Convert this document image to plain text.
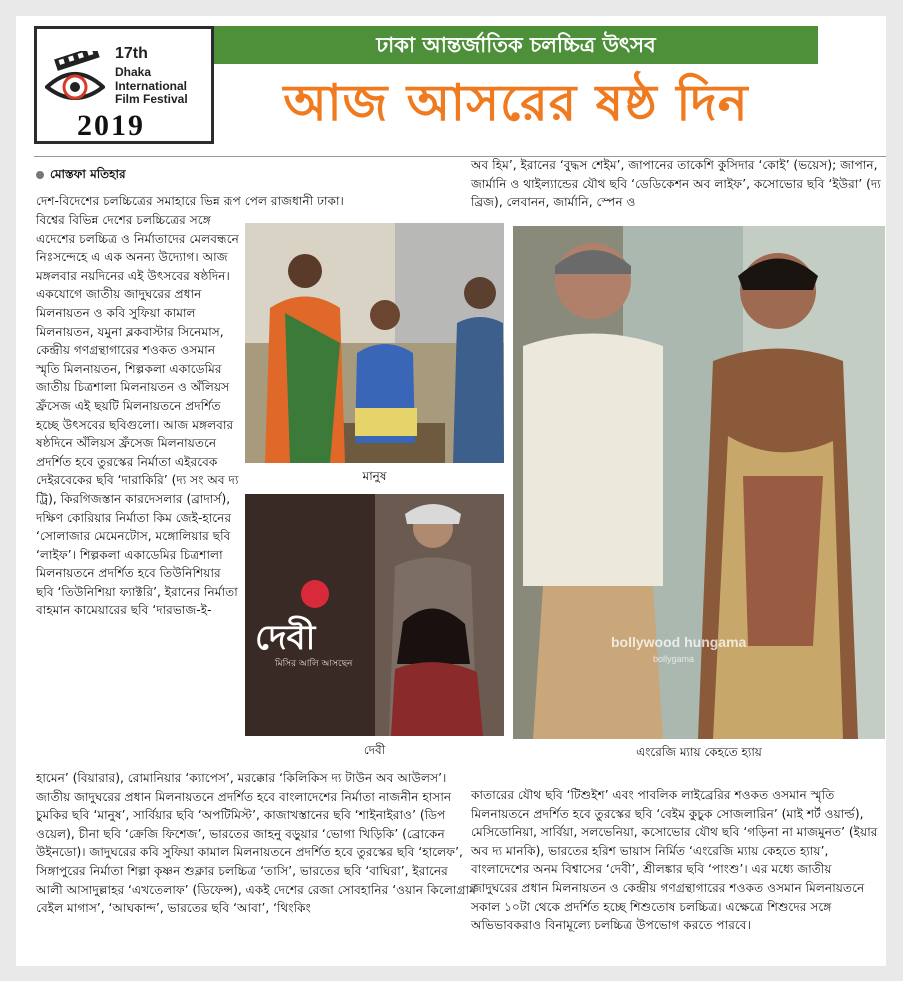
17th
Dhaka
International
Film Festival
2019
ঢাকা আন্তর্জাতিক চলচ্চিত্র উৎসব
আজ আসরের ষষ্ঠ দিন
মোস্তফা মতিহার

দেশ-বিদেশের চলচ্চিত্রের সমাহারে ভিন্ন রূপ পেল রাজধানী ঢাকা।

বিশ্বের বিভিন্ন দেশের চলচ্চিত্রের সঙ্গে এদেশের চলচ্চিত্র ও নির্মাতাদের মেলবন্ধনে নিঃসন্দেহে এ এক অনন্য উদ্যোগ। আজ মঙ্গলবার নয়দিনের এই উৎসবের ষষ্ঠদিন। একযোগে জাতীয় জাদুঘরের প্রধান মিলনায়তন ও কবি সুফিয়া কামাল মিলনায়তন, যমুনা ব্লকবাস্টার সিনেমাস, কেন্দ্রীয় গণগ্রন্থাগারের শওকত ওসমান স্মৃতি মিলনায়তন, শিল্পকলা একাডেমির জাতীয় চিত্রশালা মিলনায়তন ও অঁলিয়স ফ্রঁসেজ এই ছয়টি মিলনায়তনে প্রদর্শিত হচ্ছে উৎসবের ছবিগুলো। আজ মঙ্গলবার ষষ্ঠদিনে অঁলিয়স ফ্রঁসেজ মিলনায়তনে প্রদর্শিত হবে তুরস্কের নির্মাতা এইরবেক দেইরবেকের ছবি ‘দারাকিরি’ (দ্য সং অব দ্য ট্রি), কিরগিজস্তান কারদেসলার (ব্রাদার্স), দক্ষিণ কোরিয়ার নির্মাতা কিম জেই-হানের ‘সোলাজার মেমেনটোস, মঙ্গোলিয়ার ছবি ‘লাইফ’। শিল্পকলা একাডেমির চিত্রশালা মিলনায়তনে প্রদর্শিত হবে তিউনিশিয়ার ছবি ‘তিউনিশিয়া ফ্যাক্টরি’, ইরানের নির্মাতা বাহমান কামেয়ারের ছবি ‘দারভাজ-ই-

হামেন’ (বিয়ারার), রোমানিয়ার ‘ক্যাপেস’, মরক্কোর ‘কিলিকিস দ্য টাউন অব আউলস’। জাতীয় জাদুঘরের প্রধান মিলনায়তনে প্রদর্শিত হবে বাংলাদেশের নির্মাতা নাজনীন হাসান চুমকির ছবি ‘মানুষ’, সার্বিয়ার ছবি ‘অপটিমিস্ট’, কাজাখস্তানের ছবি ‘শাইনাইরাও’ (ডিপ ওয়েল), চীনা ছবি ‘ক্রেজি ফিশেজ’, ভারতের জাহনু বড়ুয়ার ‘ভোগা খিড়িকি’ (ব্রোকেন উইনডো)। জাদুঘরের কবি সুফিয়া কামাল মিলনায়তনে প্রদর্শিত হবে তুরস্কের ছবি ‘হালেফ’, সিঙ্গাপুরের নির্মাতা শিল্পা কৃষ্ণন শুক্লার চলচ্চিত্র ‘তাসি’, ভারতের ছবি ‘বাঘিরা’, ইরানের আলী আসাদুল্লাহর ‘এখতেলাফ’ (ডিফেন্স), একই দেশের রেজা সোবহানির ‘ওয়ান কিলোগ্রাম বেইল মাগাস’, ‘আঘকান্দ’, ভারতের ছবি ‘আবা’, ‘থিংকিং

অব হিম’, ইরানের ‘বুদ্ধস শেইম’, জাপানের তাকেশি কুসিদার ‘কোই’ (ভয়েস); জাপান, জার্মানি ও থাইল্যান্ডের যৌথ ছবি ‘ডেডিকেশন অব লাইফ’, কসোভোর ছবি ‘ইউরা’ (দ্য ব্রিজ), লেবানন, জার্মানি, স্পেন ও

কাতারের যৌথ ছবি ‘টিশুইশ’ এবং পাবলিক লাইব্রেরির শওকত ওসমান স্মৃতি মিলনায়তনে প্রদর্শিত হবে তুরস্কের ছবি ‘বেইম কুচুক সোজলারিন’ (মাই শর্ট ওয়ার্ল্ড), মেসিডোনিয়া, সার্বিয়া, সলভেনিয়া, কসোভোর যৌথ ছবি ‘গড়িনা না মাজমুনত’ (ইয়ার অব দ্য মানকি), ভারতের হরিশ ভায়াস নির্মিত ‘এংরেজি ম্যায় কেহতে হ্যায়’, বাংলাদেশের অনম বিশ্বাসের ‘দেবী’, শ্রীলঙ্কার ছবি ‘পাংশু’। এর মধ্যে জাতীয় জাদুঘরের প্রধান মিলনায়তন ও কেন্দ্রীয় গণগ্রন্থাগারের শওকত ওসমান মিলনায়তনে সকাল ১০টা থেকে প্রদর্শিত হচ্ছে শিশুতোষ চলচ্চিত্র। এক্ষেত্রে শিশুদের সঙ্গে অভিভাবকরাও বিনামূল্যে চলচ্চিত্র উপভোগ করতে পারবে।

মানুষ
দেবী
মিসির আলি আসছেন
দেবী
bollywood hungama
bollygama
এংরেজি ম্যায় কেহতে হ্যায়
